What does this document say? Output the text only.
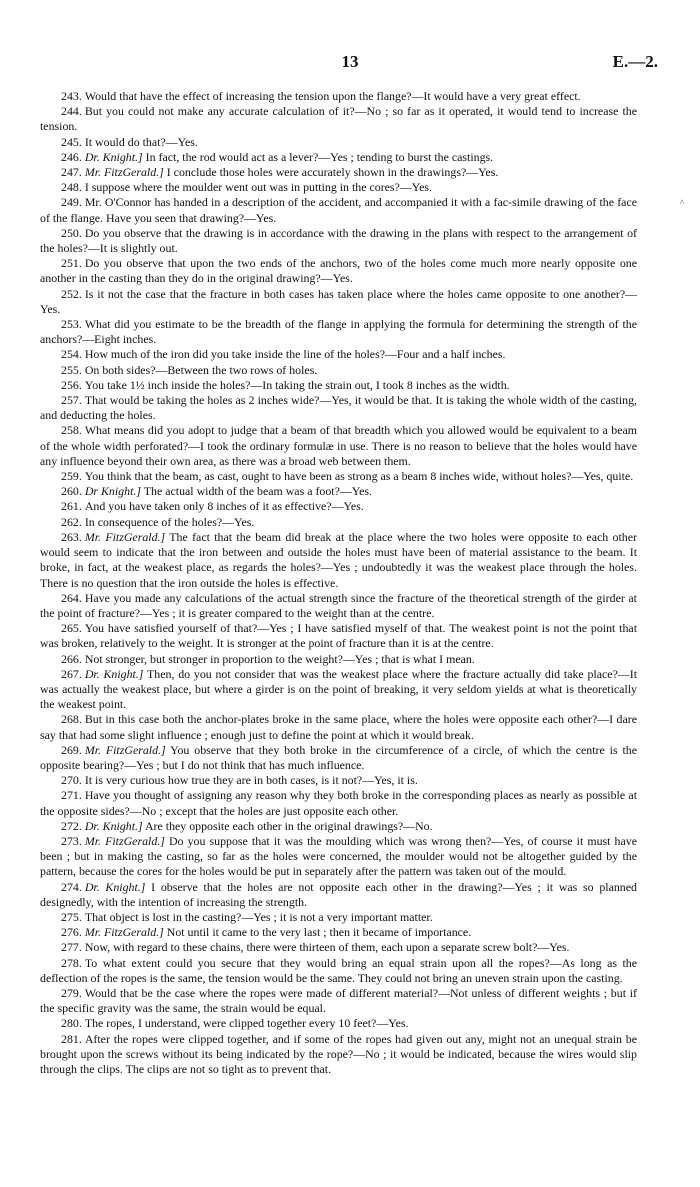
13	E.—2.
^

243. Would that have the effect of increasing the tension upon the flange?—It would have a very great effect.

244. But you could not make any accurate calculation of it?—No ; so far as it operated, it would tend to increase the tension.

245. It would do that?—Yes.

246. Dr. Knight.] In fact, the rod would act as a lever?—Yes ; tending to burst the castings.

247. Mr. FitzGerald.] I conclude those holes were accurately shown in the drawings?—Yes.

248. I suppose where the moulder went out was in putting in the cores?—Yes.

249. Mr. O'Connor has handed in a description of the accident, and accompanied it with a fac-simile drawing of the face of the flange. Have you seen that drawing?—Yes.

250. Do you observe that the drawing is in accordance with the drawing in the plans with respect to the arrangement of the holes?—It is slightly out.

251. Do you observe that upon the two ends of the anchors, two of the holes come much more nearly opposite one another in the casting than they do in the original drawing?—Yes.

252. Is it not the case that the fracture in both cases has taken place where the holes came opposite to one another?—Yes.

253. What did you estimate to be the breadth of the flange in applying the formula for determining the strength of the anchors?—Eight inches.

254. How much of the iron did you take inside the line of the holes?—Four and a half inches.

255. On both sides?—Between the two rows of holes.

256. You take 1½ inch inside the holes?—In taking the strain out, I took 8 inches as the width.

257. That would be taking the holes as 2 inches wide?—Yes, it would be that. It is taking the whole width of the casting, and deducting the holes.

258. What means did you adopt to judge that a beam of that breadth which you allowed would be equivalent to a beam of the whole width perforated?—I took the ordinary formulæ in use. There is no reason to believe that the holes would have any influence beyond their own area, as there was a broad web between them.

259. You think that the beam, as cast, ought to have been as strong as a beam 8 inches wide, without holes?—Yes, quite.

260. Dr Knight.] The actual width of the beam was a foot?—Yes.

261. And you have taken only 8 inches of it as effective?—Yes.

262. In consequence of the holes?—Yes.

263. Mr. FitzGerald.] The fact that the beam did break at the place where the two holes were opposite to each other would seem to indicate that the iron between and outside the holes must have been of material assistance to the beam. It broke, in fact, at the weakest place, as regards the holes?—Yes ; undoubtedly it was the weakest place through the holes. There is no question that the iron outside the holes is effective.

264. Have you made any calculations of the actual strength since the fracture of the theoretical strength of the girder at the point of fracture?—Yes ; it is greater compared to the weight than at the centre.

265. You have satisfied yourself of that?—Yes ; I have satisfied myself of that. The weakest point is not the point that was broken, relatively to the weight. It is stronger at the point of fracture than it is at the centre.

266. Not stronger, but stronger in proportion to the weight?—Yes ; that is what I mean.

267. Dr. Knight.] Then, do you not consider that was the weakest place where the fracture actually did take place?—It was actually the weakest place, but where a girder is on the point of breaking, it very seldom yields at what is theoretically the weakest point.

268. But in this case both the anchor-plates broke in the same place, where the holes were opposite each other?—I dare say that had some slight influence ; enough just to define the point at which it would break.

269. Mr. FitzGerald.] You observe that they both broke in the circumference of a circle, of which the centre is the opposite bearing?—Yes ; but I do not think that has much influence.

270. It is very curious how true they are in both cases, is it not?—Yes, it is.

271. Have you thought of assigning any reason why they both broke in the corresponding places as nearly as possible at the opposite sides?—No ; except that the holes are just opposite each other.

272. Dr. Knight.] Are they opposite each other in the original drawings?—No.

273. Mr. FitzGerald.] Do you suppose that it was the moulding which was wrong then?—Yes, of course it must have been ; but in making the casting, so far as the holes were concerned, the moulder would not be altogether guided by the pattern, because the cores for the holes would be put in separately after the pattern was taken out of the mould.

274. Dr. Knight.] I observe that the holes are not opposite each other in the drawing?—Yes ; it was so planned designedly, with the intention of increasing the strength.

275. That object is lost in the casting?—Yes ; it is not a very important matter.

276. Mr. FitzGerald.] Not until it came to the very last ; then it became of importance.

277. Now, with regard to these chains, there were thirteen of them, each upon a separate screw bolt?—Yes.

278. To what extent could you secure that they would bring an equal strain upon all the ropes?—As long as the deflection of the ropes is the same, the tension would be the same. They could not bring an uneven strain upon the casting.

279. Would that be the case where the ropes were made of different material?—Not unless of different weights ; but if the specific gravity was the same, the strain would be equal.

280. The ropes, I understand, were clipped together every 10 feet?—Yes.

281. After the ropes were clipped together, and if some of the ropes had given out any, might not an unequal strain be brought upon the screws without its being indicated by the rope?—No ; it would be indicated, because the wires would slip through the clips. The clips are not so tight as to prevent that.
